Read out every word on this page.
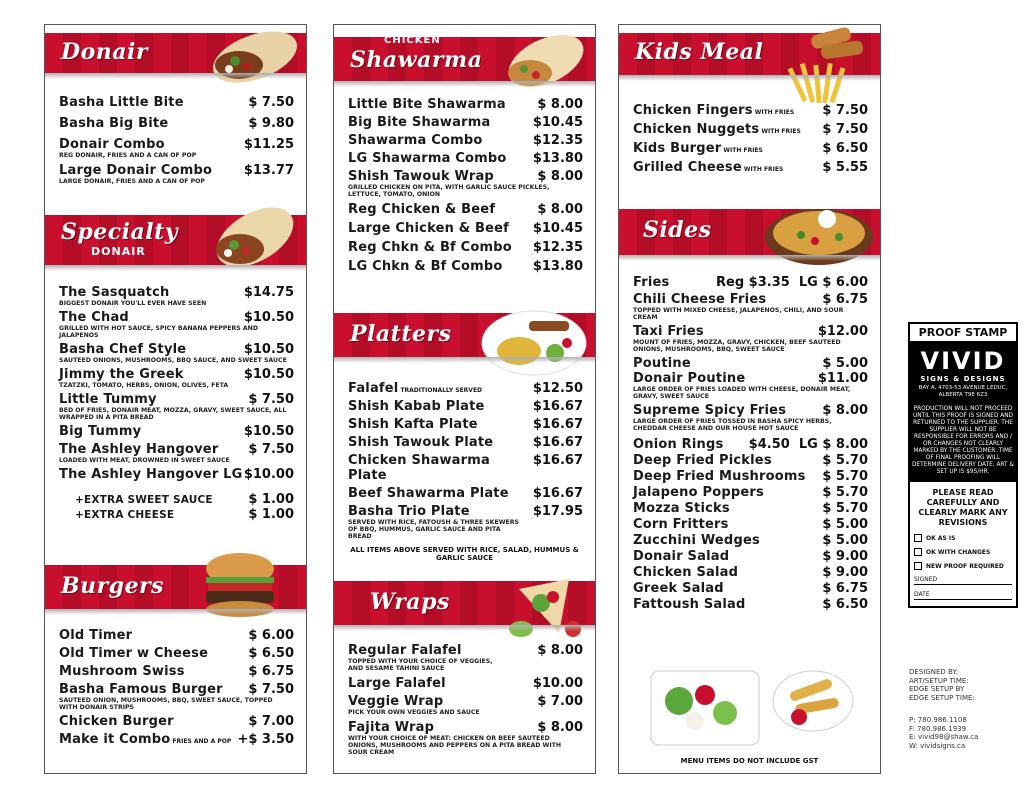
Donair
Basha Little Bite	$ 7.50
Basha Big Bite	$ 9.80
Donair Combo	$11.25
REG DONAIR, FRIES AND A CAN OF POP
Large Donair Combo $13.77
LARGE DONAIR, FRIES AND A CAN OF POP
Specialty
DONAIR
The Sasquatch	$14.75
BIGGEST DONAIR YOU'LL EVER HAVE SEEN
The Chad	$10.50
GRILLED WITH HOT SAUCE, SPICY BANANA PEPPERS AND JALAPENOS
Basha Chef Style	$10.50
SAUTEED ONIONS, MUSHROOMS, BBQ SAUCE, AND SWEET SAUCE
Jimmy the Greek	$10.50
TZATZKI, TOMATO, HERBS, ONION, OLIVES, FETA
Little Tummy	$ 7.50
BED OF FRIES, DONAIR MEAT, MOZZA, GRAVY, SWEET SAUCE, ALL WRAPPED IN A PITA BREAD
Big Tummy	$10.50
The Ashley Hangover $ 7.50
LOADED WITH MEAT, DROWNED IN SWEET SAUCE
The Ashley Hangover LG $10.00
+EXTRA SWEET SAUCE	$ 1.00
+EXTRA CHEESE	$ 1.00
Burgers
Old Timer	$ 6.00
Old Timer w Cheese	$ 6.50
Mushroom Swiss	$ 6.75
Basha Famous Burger $ 7.50
SAUTEED ONION, MUSHROOMS, BBQ, SWEET SAUCE, TOPPED WITH DONAIR STRIPS
Chicken Burger	$ 7.00
Make it Combo FRIES AND A POP +$ 3.50
CHICKEN
Shawarma
Little Bite Shawarma $ 8.00
Big Bite Shawarma	$10.45
Shawarma Combo	$12.35
LG Shawarma Combo $13.80
Shish Tawouk Wrap	$ 8.00
GRILLED CHICKEN ON PITA, WITH GARLIC SAUCE PICKLES, LETTUCE, TOMATO, ONION
Reg Chicken & Beef	$ 8.00
Large Chicken & Beef $10.45
Reg Chkn & Bf Combo $12.35
LG Chkn & Bf Combo $13.80
Platters
Falafel TRADITIONALLY SERVED	$12.50
Shish Kabab Plate	$16.67
Shish Kafta Plate	$16.67
Shish Tawouk Plate	$16.67
Chicken Shawarma Plate
$16.67
Beef Shawarma Plate $16.67
Basha Trio Plate	$17.95
SERVED WITH RICE, FATOUSH & THREE SKEWERS OF BBQ, HUMMUS, GARLIC SAUCE AND PITA BREAD
ALL ITEMS ABOVE SERVED WITH RICE, SALAD, HUMMUS & GARLIC SAUCE
Wraps
Regular Falafel	$ 8.00
TOPPED WITH YOUR CHOICE OF VEGGIES, AND SESAME TAHINI SAUCE
Large Falafel	$10.00
Veggie Wrap	$ 7.00
PICK YOUR OWN VEGGIES AND SAUCE
Fajita Wrap	$ 8.00
WITH YOUR CHOICE OF MEAT: CHICKEN OR BEEF SAUTEED ONIONS, MUSHROOMS AND PEPPERS ON A PITA BREAD WITH SOUR CREAM
Kids Meal
Chicken Fingers WITH FRIES $ 7.50
Chicken Nuggets WITH FRIES $ 7.50
Kids Burger WITH FRIES	$ 6.50
Grilled Cheese WITH FRIES	$ 5.55
Sides
Fries	Reg $3.35 LG $ 6.00
Chili Cheese Fries	$ 6.75
TOPPED WITH MIXED CHEESE, JALAPENOS, CHILI, AND SOUR CREAM
Taxi Fries	$12.00
MOUNT OF FRIES, MOZZA, GRAVY, CHICKEN, BEEF SAUTEED ONIONS, MUSHROOMS, BBQ, SWEET SAUCE
Poutine	$ 5.00
Donair Poutine	$11.00
LARGE ORDER OF FRIES LOADED WITH CHEESE, DONAIR MEAT, GRAVY, SWEET SAUCE
Supreme Spicy Fries	$ 8.00
LARGE ORDER OF FRIES TOSSED IN BASHA SPICY HERBS, CHEDDAR CHEESE AND OUR HOUSE HOT SAUCE
Onion Rings $4.50 LG $ 8.00
Deep Fried Pickles	$ 5.70
Deep Fried Mushrooms $ 5.70
Jalapeno Poppers	$ 5.70
Mozza Sticks	$ 5.70
Corn Fritters	$ 5.00
Zucchini Wedges	$ 5.00
Donair Salad	$ 9.00
Chicken Salad	$ 9.00
Greek Salad	$ 6.75
Fattoush Salad	$ 6.50
MENU ITEMS DO NOT INCLUDE GST
PROOF STAMP
VIVID
SIGNS & DESIGNS
BAY A, 4703-53 AVENUE LEDUC, ALBERTA T9E 6Z3
PRODUCTION WILL NOT PROCEED UNTIL THIS PROOF IS SIGNED AND RETURNED TO THE SUPPLIER. THE SUPPLIER WILL NOT BE RESPONSIBLE FOR ERRORS AND / OR CHANGES NOT CLEARLY MARKED BY THE CUSTOMER. TIME OF FINAL PROOFING WILL DETERMINE DELIVERY DATE. ART & SET UP IS $95/HR.
PLEASE READ CAREFULLY AND CLEARLY MARK ANY REVISIONS
OK AS IS
OK WITH CHANGES
NEW PROOF REQUIRED
SIGNED
DATE
DESIGNED BY:
ART/SETUP TIME:
EDGE SETUP BY
EDGE SETUP TIME:
P: 780.986.1108
F: 780.986.1939
E: vivid98@shaw.ca
W: vividsigns.ca
